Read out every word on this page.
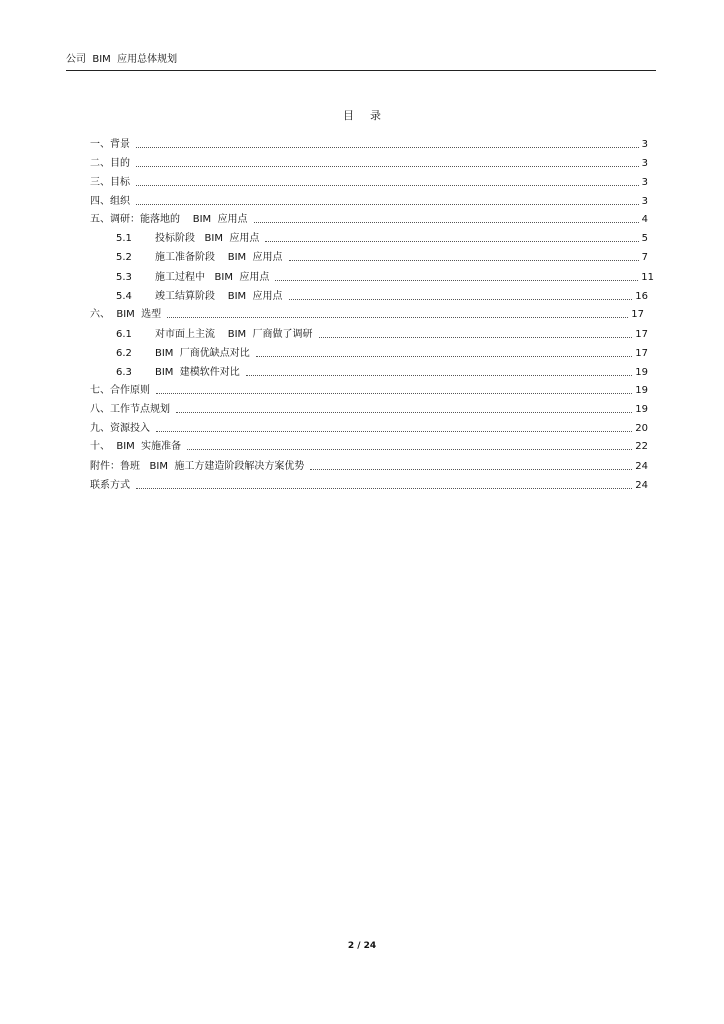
公司  BIM  应用总体规划
目录
一、背景	3
二、目的	3
三、目标	3
四、组织	3
五、调研：能落地的    BIM  应用点	4
5.1	投标阶段   BIM  应用点	5
5.2	施工准备阶段    BIM  应用点	7
5.3	施工过程中   BIM  应用点	11
5.4	竣工结算阶段    BIM  应用点	16
六、  BIM  选型	17
6.1	对市面上主流    BIM  厂商做了调研	17
6.2	BIM  厂商优缺点对比	17
6.3	BIM  建模软件对比	19
七、合作原则	19
八、工作节点规划	19
九、资源投入	20
十、  BIM  实施准备	22
附件：鲁班   BIM  施工方建造阶段解决方案优势	24
联系方式	24
2 / 24
